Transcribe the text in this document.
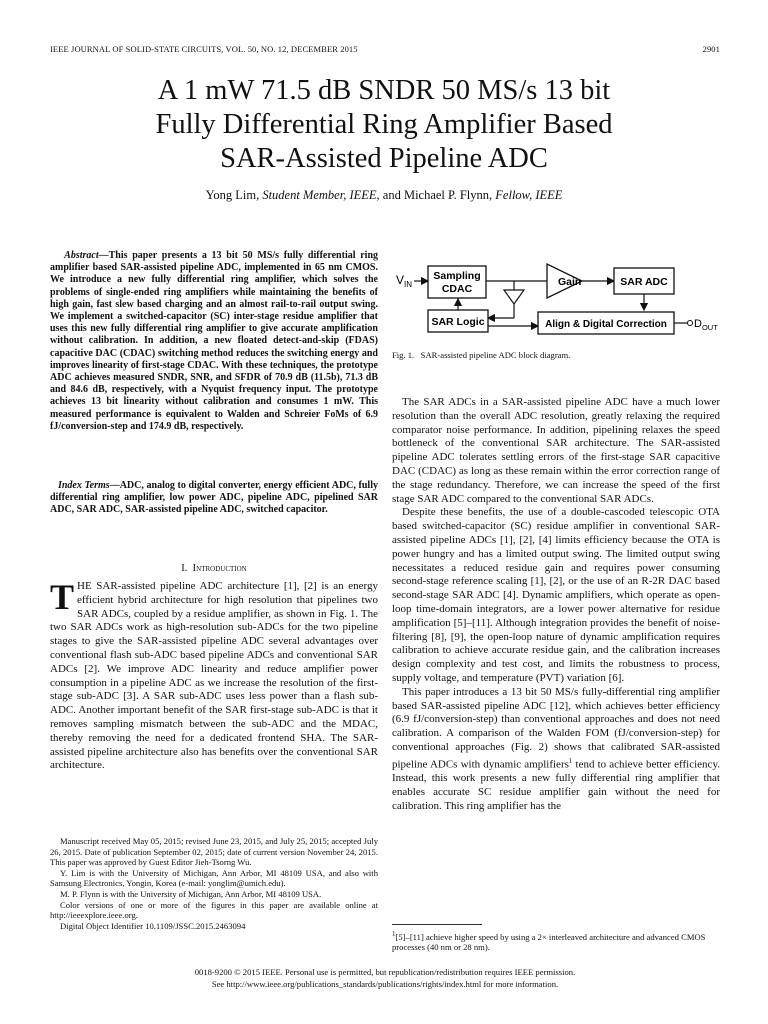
IEEE JOURNAL OF SOLID-STATE CIRCUITS, VOL. 50, NO. 12, DECEMBER 2015	2901
A 1 mW 71.5 dB SNDR 50 MS/s 13 bit
Fully Differential Ring Amplifier Based
SAR-Assisted Pipeline ADC
Yong Lim, Student Member, IEEE, and Michael P. Flynn, Fellow, IEEE
Abstract—This paper presents a 13 bit 50 MS/s fully differential ring amplifier based SAR-assisted pipeline ADC, implemented in 65 nm CMOS. We introduce a new fully differential ring amplifier, which solves the problems of single-ended ring amplifiers while maintaining the benefits of high gain, fast slew based charging and an almost rail-to-rail output swing. We implement a switched-capacitor (SC) inter-stage residue amplifier that uses this new fully differential ring amplifier to give accurate amplification without calibration. In addition, a new floated detect-and-skip (FDAS) capacitive DAC (CDAC) switching method reduces the switching energy and improves linearity of first-stage CDAC. With these techniques, the prototype ADC achieves measured SNDR, SNR, and SFDR of 70.9 dB (11.5b), 71.3 dB and 84.6 dB, respectively, with a Nyquist frequency input. The prototype achieves 13 bit linearity without calibration and consumes 1 mW. This measured performance is equivalent to Walden and Schreier FoMs of 6.9 fJ/conversion-step and 174.9 dB, respectively.
Index Terms—ADC, analog to digital converter, energy efficient ADC, fully differential ring amplifier, low power ADC, pipeline ADC, pipelined SAR ADC, SAR ADC, SAR-assisted pipeline ADC, switched capacitor.
I. Introduction
THE SAR-assisted pipeline ADC architecture [1], [2] is an energy efficient hybrid architecture for high resolution that pipelines two SAR ADCs, coupled by a residue amplifier, as shown in Fig. 1. The two SAR ADCs work as high-resolution sub-ADCs for the two pipeline stages to give the SAR-assisted pipeline ADC several advantages over conventional flash sub-ADC based pipeline ADCs and conventional SAR ADCs [2]. We improve ADC linearity and reduce amplifier power consumption in a pipeline ADC as we increase the resolution of the first-stage sub-ADC [3]. A SAR sub-ADC uses less power than a flash sub-ADC. Another important benefit of the SAR first-stage sub-ADC is that it removes sampling mismatch between the sub-ADC and the MDAC, thereby removing the need for a dedicated frontend SHA. The SAR-assisted pipeline architecture also has benefits over the conventional SAR architecture.

Manuscript received May 05, 2015; revised June 23, 2015, and July 25, 2015; accepted July 26, 2015. Date of publication September 02, 2015; date of current version November 24, 2015. This paper was approved by Guest Editor Jieh-Tsorng Wu.

Y. Lim is with the University of Michigan, Ann Arbor, MI 48109 USA, and also with Samsung Electronics, Yongin, Korea (e-mail: yonglim@umich.edu).

M. P. Flynn is with the University of Michigan, Ann Arbor, MI 48109 USA.

Color versions of one or more of the figures in this paper are available online at http://ieeexplore.ieee.org.

Digital Object Identifier 10.1109/JSSC.2015.2463094

$V_{IN}$
Sampling
CDAC
Gain	SAR ADC
SAR Logic	Align & Digital Correction $D_{OUT}$
Fig. 1. SAR-assisted pipeline ADC block diagram.

The SAR ADCs in a SAR-assisted pipeline ADC have a much lower resolution than the overall ADC resolution, greatly relaxing the required comparator noise performance. In addition, pipelining relaxes the speed bottleneck of the conventional SAR architecture. The SAR-assisted pipeline ADC tolerates settling errors of the first-stage SAR capacitive DAC (CDAC) as long as these remain within the error correction range of the stage redundancy. Therefore, we can increase the speed of the first stage SAR ADC compared to the conventional SAR ADCs.

Despite these benefits, the use of a double-cascoded telescopic OTA based switched-capacitor (SC) residue amplifier in conventional SAR-assisted pipeline ADCs [1], [2], [4] limits efficiency because the OTA is power hungry and has a limited output swing. The limited output swing necessitates a reduced residue gain and requires power consuming second-stage reference scaling [1], [2], or the use of an R-2R DAC based second-stage SAR ADC [4]. Dynamic amplifiers, which operate as open-loop time-domain integrators, are a lower power alternative for residue amplification [5]–[11]. Although integration provides the benefit of noise-filtering [8], [9], the open-loop nature of dynamic amplification requires calibration to achieve accurate residue gain, and the calibration increases design complexity and test cost, and limits the robustness to process, supply voltage, and temperature (PVT) variation [6].

This paper introduces a 13 bit 50 MS/s fully-differential ring amplifier based SAR-assisted pipeline ADC [12], which achieves better efficiency (6.9 fJ/conversion-step) than conventional approaches and does not need calibration. A comparison of the Walden FOM (fJ/conversion-step) for conventional approaches (Fig. 2) shows that calibrated SAR-assisted pipeline ADCs with dynamic amplifiers$^1$ tend to achieve better efficiency. Instead, this work presents a new fully differential ring amplifier that enables accurate SC residue amplifier gain without the need for calibration. This ring amplifier has the

$^1$[5]–[11] achieve higher speed by using a 2× interleaved architecture and advanced CMOS processes (40 nm or 28 nm).
0018-9200 © 2015 IEEE. Personal use is permitted, but republication/redistribution requires IEEE permission.
See http://www.ieee.org/publications_standards/publications/rights/index.html for more information.
